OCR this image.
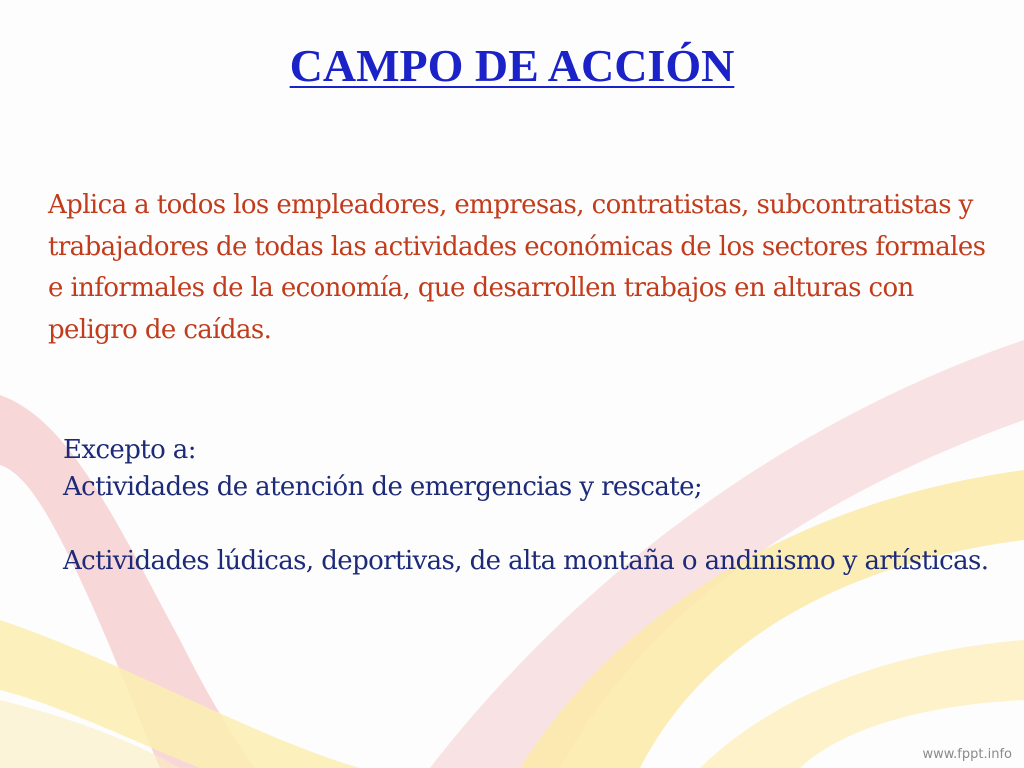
CAMPO DE ACCIÓN

Aplica a todos los empleadores, empresas, contratistas, subcontratistas y trabajadores de todas las actividades económicas de los sectores formales e informales de la economía, que desarrollen trabajos en alturas con peligro de caídas.

Excepto a:

Actividades de atención de emergencias y rescate;

Actividades lúdicas, deportivas, de alta montaña o andinismo y artísticas.

www.fppt.info
